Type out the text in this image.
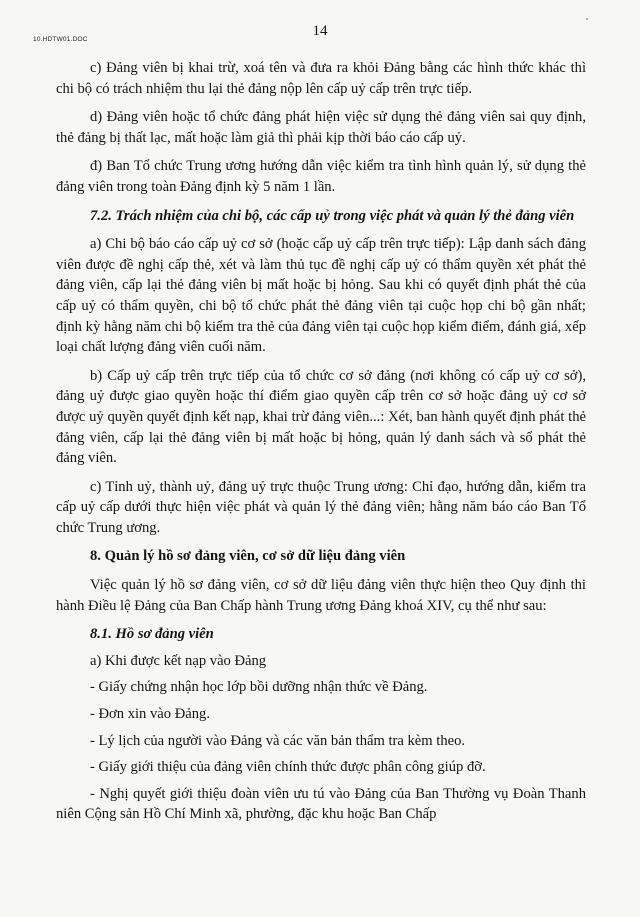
10.HDTW01.DOC
14

c) Đảng viên bị khai trừ, xoá tên và đưa ra khỏi Đảng bằng các hình thức khác thì chi bộ có trách nhiệm thu lại thẻ đảng nộp lên cấp uỷ cấp trên trực tiếp.

d) Đảng viên hoặc tổ chức đảng phát hiện việc sử dụng thẻ đảng viên sai quy định, thẻ đảng bị thất lạc, mất hoặc làm giả thì phải kịp thời báo cáo cấp uỷ.

đ) Ban Tổ chức Trung ương hướng dẫn việc kiểm tra tình hình quản lý, sử dụng thẻ đảng viên trong toàn Đảng định kỳ 5 năm 1 lần.

7.2. Trách nhiệm của chi bộ, các cấp uỷ trong việc phát và quản lý thẻ đảng viên

a) Chi bộ báo cáo cấp uỷ cơ sở (hoặc cấp uỷ cấp trên trực tiếp): Lập danh sách đảng viên được đề nghị cấp thẻ, xét và làm thủ tục đề nghị cấp uỷ có thẩm quyền xét phát thẻ đảng viên, cấp lại thẻ đảng viên bị mất hoặc bị hỏng. Sau khi có quyết định phát thẻ của cấp uỷ có thẩm quyền, chi bộ tổ chức phát thẻ đảng viên tại cuộc họp chi bộ gần nhất; định kỳ hằng năm chi bộ kiểm tra thẻ của đảng viên tại cuộc họp kiểm điểm, đánh giá, xếp loại chất lượng đảng viên cuối năm.

b) Cấp uỷ cấp trên trực tiếp của tổ chức cơ sở đảng (nơi không có cấp uỷ cơ sở), đảng uỷ được giao quyền hoặc thí điểm giao quyền cấp trên cơ sở hoặc đảng uỷ cơ sở được uỷ quyền quyết định kết nạp, khai trừ đảng viên...: Xét, ban hành quyết định phát thẻ đảng viên, cấp lại thẻ đảng viên bị mất hoặc bị hỏng, quản lý danh sách và sổ phát thẻ đảng viên.

c) Tỉnh uỷ, thành uỷ, đảng uỷ trực thuộc Trung ương: Chỉ đạo, hướng dẫn, kiểm tra cấp uỷ cấp dưới thực hiện việc phát và quản lý thẻ đảng viên; hằng năm báo cáo Ban Tổ chức Trung ương.

8. Quản lý hồ sơ đảng viên, cơ sở dữ liệu đảng viên

Việc quản lý hồ sơ đảng viên, cơ sở dữ liệu đảng viên thực hiện theo Quy định thi hành Điều lệ Đảng của Ban Chấp hành Trung ương Đảng khoá XIV, cụ thể như sau:

8.1. Hồ sơ đảng viên

a) Khi được kết nạp vào Đảng

- Giấy chứng nhận học lớp bồi dưỡng nhận thức về Đảng.

- Đơn xin vào Đảng.

- Lý lịch của người vào Đảng và các văn bản thẩm tra kèm theo.

- Giấy giới thiệu của đảng viên chính thức được phân công giúp đỡ.

- Nghị quyết giới thiệu đoàn viên ưu tú vào Đảng của Ban Thường vụ Đoàn Thanh niên Cộng sản Hồ Chí Minh xã, phường, đặc khu hoặc Ban Chấp
